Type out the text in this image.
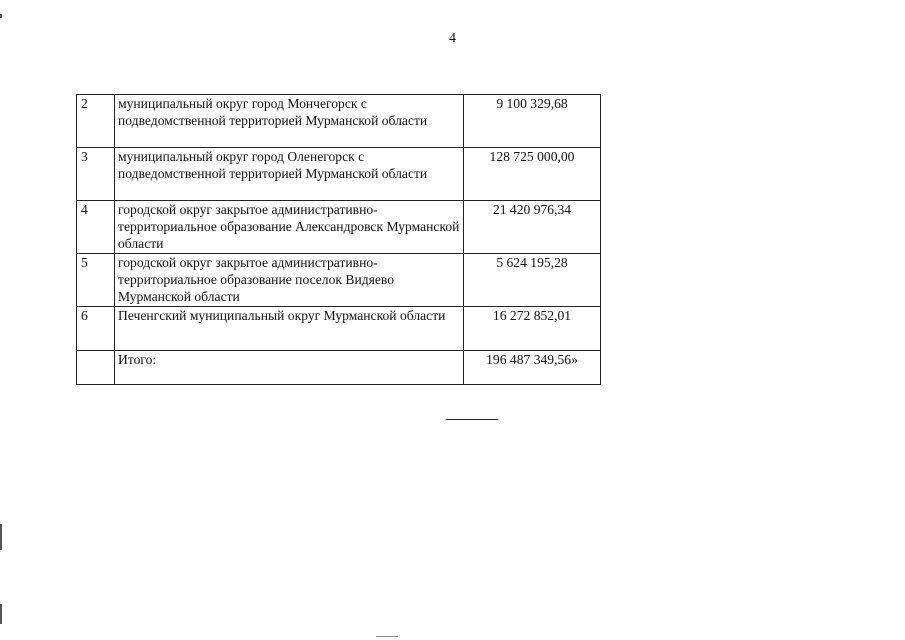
4
2	муниципальный округ город Мончегорск с подведомственной территорией Мурманской области	9 100 329,68
3	муниципальный округ город Оленегорск с подведомственной территорией Мурманской области	128 725 000,00
4	городской округ закрытое административно-территориальное образование Александровск Мурманской области	21 420 976,34
5	городской округ закрытое административно-территориальное образование поселок Видяево Мурманской области	5 624 195,28
6	Печенгский муниципальный округ Мурманской области	16 272 852,01
	Итого:	196 487 349,56»
